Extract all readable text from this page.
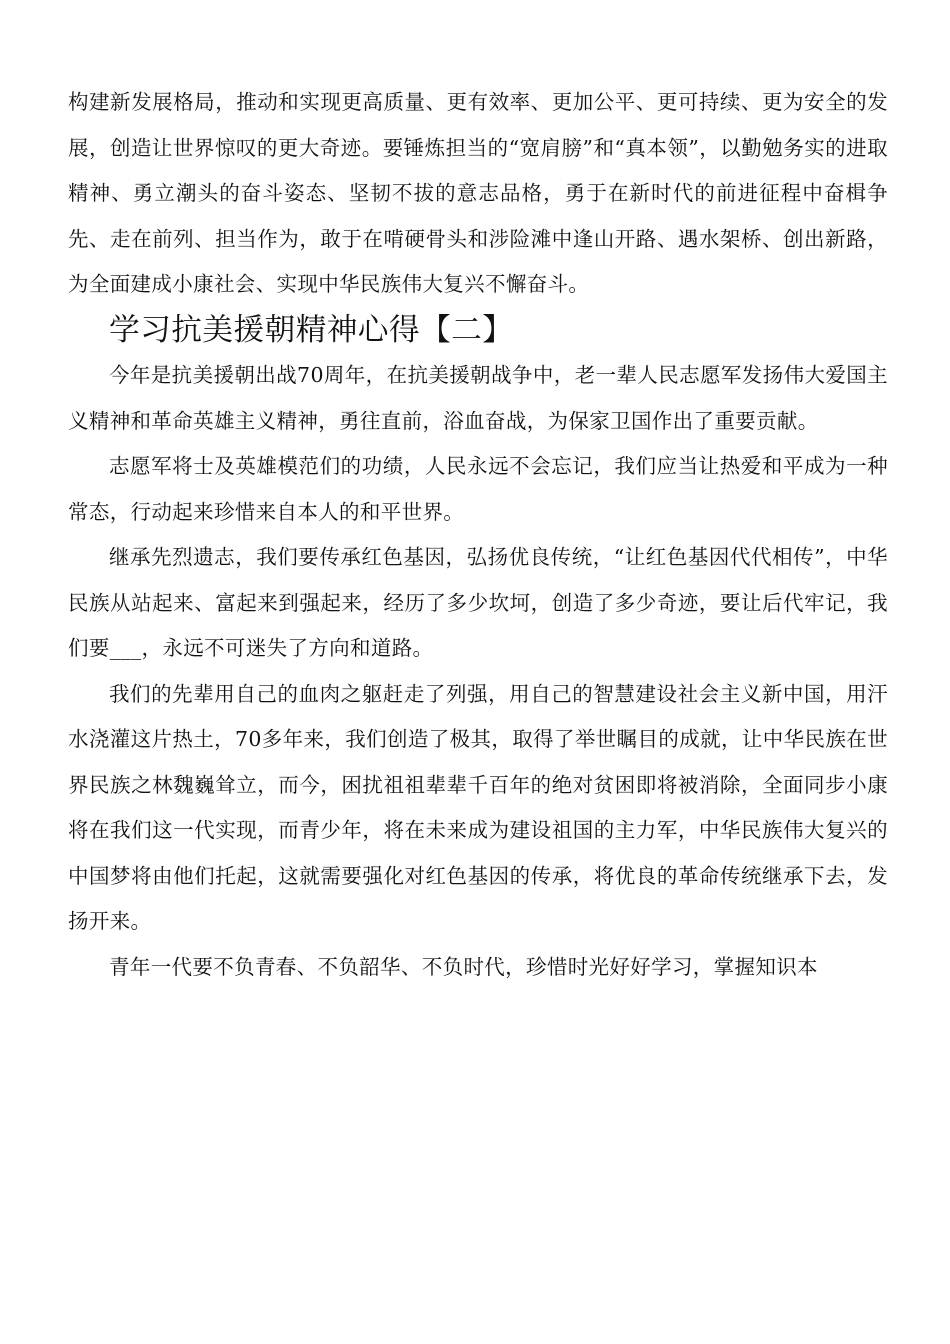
构建新发展格局，推动和实现更高质量、更有效率、更加公平、更可持续、更为安全的发展，创造让世界惊叹的更大奇迹。要锤炼担当的“宽肩膀”和“真本领”，以勤勉务实的进取精神、勇立潮头的奋斗姿态、坚韧不拔的意志品格，勇于在新时代的前进征程中奋楫争先、走在前列、担当作为，敢于在啃硬骨头和涉险滩中逢山开路、遇水架桥、创出新路，为全面建成小康社会、实现中华民族伟大复兴不懈奋斗。

学习抗美援朝精神心得【二】

今年是抗美援朝出战70周年，在抗美援朝战争中，老一辈人民志愿军发扬伟大爱国主义精神和革命英雄主义精神，勇往直前，浴血奋战，为保家卫国作出了重要贡献。

志愿军将士及英雄模范们的功绩，人民永远不会忘记，我们应当让热爱和平成为一种常态，行动起来珍惜来自本人的和平世界。

继承先烈遗志，我们要传承红色基因，弘扬优良传统，“让红色基因代代相传”，中华民族从站起来、富起来到强起来，经历了多少坎坷，创造了多少奇迹，要让后代牢记，我们要___，永远不可迷失了方向和道路。

我们的先辈用自己的血肉之躯赶走了列强，用自己的智慧建设社会主义新中国，用汗水浇灌这片热土，70多年来，我们创造了极其，取得了举世瞩目的成就，让中华民族在世界民族之林魏巍耸立，而今，困扰祖祖辈辈千百年的绝对贫困即将被消除，全面同步小康将在我们这一代实现，而青少年，将在未来成为建设祖国的主力军，中华民族伟大复兴的中国梦将由他们托起，这就需要强化对红色基因的传承，将优良的革命传统继承下去，发扬开来。

青年一代要不负青春、不负韶华、不负时代，珍惜时光好好学习，掌握知识本
